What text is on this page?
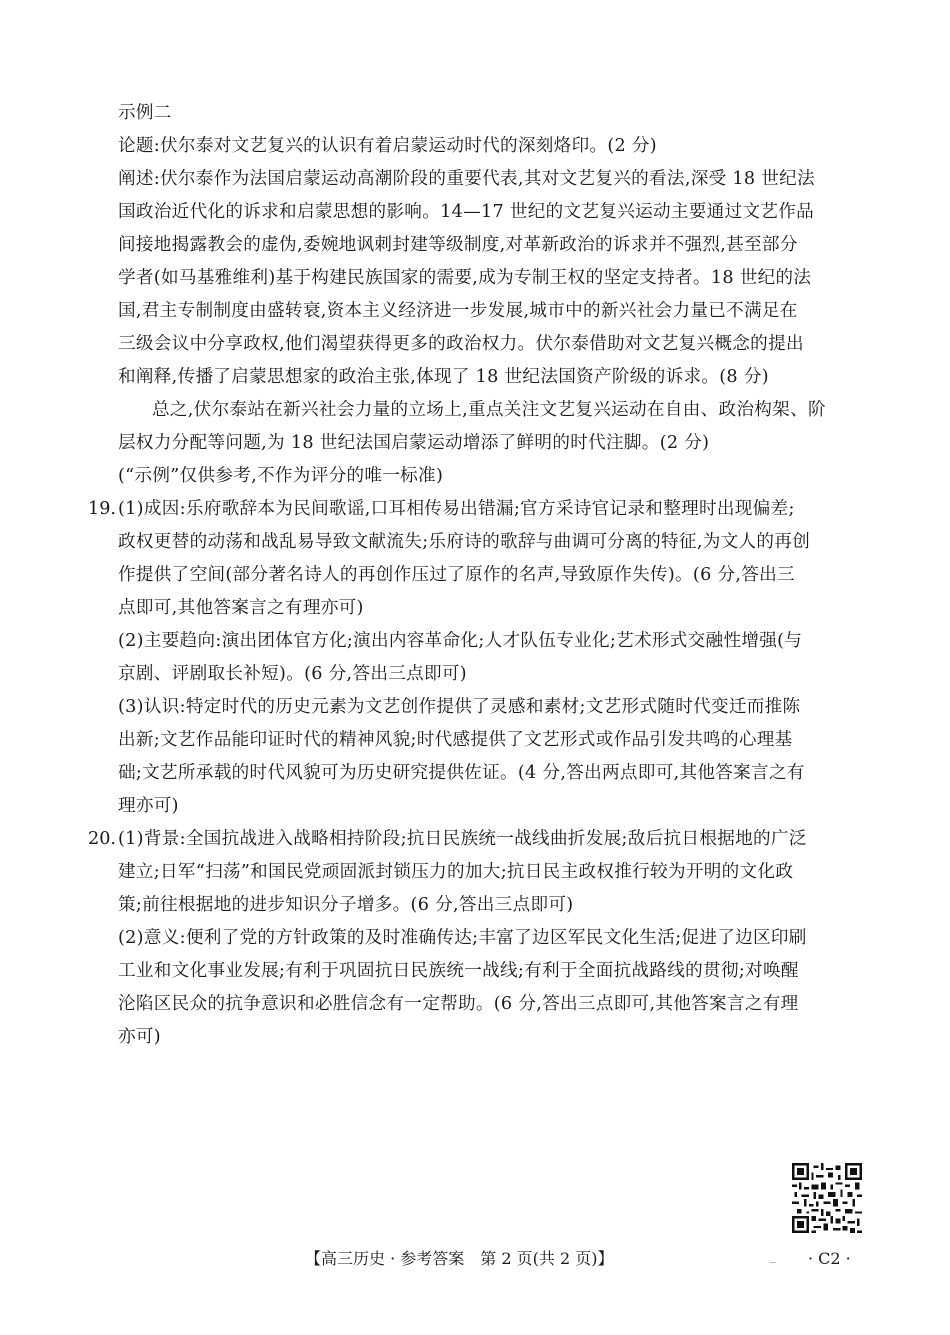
示例二
论题:伏尔泰对文艺复兴的认识有着启蒙运动时代的深刻烙印。(2 分)
阐述:伏尔泰作为法国启蒙运动高潮阶段的重要代表,其对文艺复兴的看法,深受 18 世纪法
国政治近代化的诉求和启蒙思想的影响。14—17 世纪的文艺复兴运动主要通过文艺作品
间接地揭露教会的虚伪,委婉地讽刺封建等级制度,对革新政治的诉求并不强烈,甚至部分
学者(如马基雅维利)基于构建民族国家的需要,成为专制王权的坚定支持者。18 世纪的法
国,君主专制制度由盛转衰,资本主义经济进一步发展,城市中的新兴社会力量已不满足在
三级会议中分享政权,他们渴望获得更多的政治权力。伏尔泰借助对文艺复兴概念的提出
和阐释,传播了启蒙思想家的政治主张,体现了 18 世纪法国资产阶级的诉求。(8 分)
总之,伏尔泰站在新兴社会力量的立场上,重点关注文艺复兴运动在自由、政治构架、阶
层权力分配等问题,为 18 世纪法国启蒙运动增添了鲜明的时代注脚。(2 分)
(“示例”仅供参考,不作为评分的唯一标准)
19. (1)成因:乐府歌辞本为民间歌谣,口耳相传易出错漏;官方采诗官记录和整理时出现偏差;
政权更替的动荡和战乱易导致文献流失;乐府诗的歌辞与曲调可分离的特征,为文人的再创
作提供了空间(部分著名诗人的再创作压过了原作的名声,导致原作失传)。(6 分,答出三
点即可,其他答案言之有理亦可)
(2)主要趋向:演出团体官方化;演出内容革命化;人才队伍专业化;艺术形式交融性增强(与
京剧、评剧取长补短)。(6 分,答出三点即可)
(3)认识:特定时代的历史元素为文艺创作提供了灵感和素材;文艺形式随时代变迁而推陈
出新;文艺作品能印证时代的精神风貌;时代感提供了文艺形式或作品引发共鸣的心理基
础;文艺所承载的时代风貌可为历史研究提供佐证。(4 分,答出两点即可,其他答案言之有
理亦可)
20. (1)背景:全国抗战进入战略相持阶段;抗日民族统一战线曲折发展;敌后抗日根据地的广泛
建立;日军“扫荡”和国民党顽固派封锁压力的加大;抗日民主政权推行较为开明的文化政
策;前往根据地的进步知识分子增多。(6 分,答出三点即可)
(2)意义:便利了党的方针政策的及时准确传达;丰富了边区军民文化生活;促进了边区印刷
工业和文化事业发展;有利于巩固抗日民族统一战线;有利于全面抗战路线的贯彻;对唤醒
沦陷区民众的抗争意识和必胜信念有一定帮助。(6 分,答出三点即可,其他答案言之有理
亦可)
【高三历史 · 参考答案　第 2 页(共 2 页)】	· C2 ·
